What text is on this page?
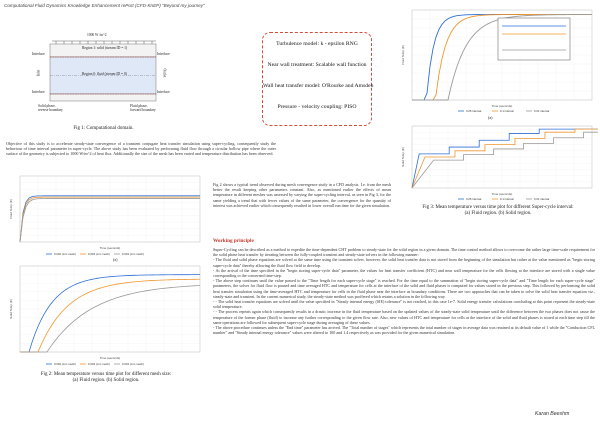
Computational Fluid Dynamics Knowledge Enhancement rePort (CFD-KnEP) "Beyond my journey"
1000 W /m^2
Region 1: solid (stream ID = 1)
Region 0: fluid (stream ID = 0)
Interface	Interface
Interface	Interface
Inlet	Outlet
Solid phase,
reverse boundary
Fluid phase,
forward boundary
Fig 1: Computational domain.
Turbulence model: k - epsilon RNG
Near wall treatment: Scalable wall function
Wall heat transfer model: O'Rourke and Amsden
Pressure - velocity coupling: PISO
Objective of this study is to accelerate steady-state convergence of a transient conjugate heat transfer simulation using super-cycling, consequently study the behaviour of time interval parameter in super-cycle. The above study has been evaluated by performing fluid flow through a circular hollow pipe where the outer surface of the geometry is subjected to 1000 W/m^2 of heat flux. Additionally the size of the mesh has been varied and temperature distribution has been observed.
Fluid Temp (K)
Time (seconds)
0.05 interval	0.1 interval	0.01 interval
(a)
Solid Temp (K)
Time (seconds)
0.05 interval	0.1 interval	0.01 interval
Fig 3: Mean temperature versus time plot for different Super-cycle interval:
(a) Fluid region. (b) Solid region.
Fluid Temp (K)
Time (seconds)
0.002 (mm mesh)	0.003 (mm mesh)	0.004 (mm mesh)
(a)
Solid Temp (K)
Time (seconds)
0.002 (mm mesh)	0.003 (mm mesh)	0.004 (mm mesh)
Fig 2: Mean temperature versus time plot for different mesh size:
(a) Fluid region. (b) Solid region.
Fig 2 shows a typical trend observed during mesh convergence study in a CFD analysis. I.e. from the mesh better the result keeping other parameters constant. Also, as mentioned earlier the effects of mean temperature in different meshes was assessed by varying the super-cycling interval, as seen in Fig 3, for the same yielding a trend that with fewer values of the same parameter, the convergence for the quantity of interest was achieved earlier which consequently resulted in lower overall run time for the given simulation.
Working principle
Super-Cycling can be described as a method to expedite the time-dependent CHT problem to steady-state for the solid region in a given domain. The time control method allows to overcome the rather large time-scale requirement for the solid phase heat transfer by iterating between the fully-coupled transient and steady-state solvers in the following manner:
- The fluid and solid phase equations are solved at the same time using the transient solver, however, the solid heat transfer data is not stored from the beginning of the simulation but rather at the value mentioned as "begin storing super-cycle data" thereby allowing the fluid flow field to develop.
- At the arrival of the time specified in the "begin storing super-cycle data" parameter, the values for heat transfer coefficient (HTC) and near wall temperature for the cells flowing at the interface are stored with a single value corresponding to the concerned time-step.
- The above step continues until the value passed to the "Time length for each super-cycle stage" is reached. For the time equal to the summation of "begin storing super-cycle data" and "Time length for each super-cycle stage" parameters, the solver for fluid flow is paused and time averaged HTC and temperature for cells at the interface of the solid and fluid phases is computed for values stored in the previous step. This followed by performing the solid heat transfer simulation using the time-averaged HTC and temperature for cells in the fluid phase near the interface as boundary conditions. There are two approaches that can be taken to solve the solid heat transfer equation viz., steady-state and transient. In the current numerical study, the steady-state method was proffered which retains a solution in the following way.
- - The solid heat transfer equations are solved until the value specified in "Steady internal energy (SIE) tolerance" is not reached, in this case 1e-7. Solid energy transfer calculations concluding at this point represent the steady-state solid temperature.
- - The process repeats again which consequently results in a drastic increase in the fluid temperature based on the updated values of the steady-state solid temperature until the difference between the two phases does not cause the temperature of the former phase (fluid) to increase any further corresponding to the given flow rate. Also, new values of HTC and temperature for cells at the interface of the solid and fluid phases is stored at each time step till the same operations are followed for subsequent super-cycle stage during averaging of these values.
- The above procedure continues unless the "End time" parameter has arrived. The "Total number of stages" which represents the total number of stages in average data was retained at its default value of 1 while the "Conduction CFL number" and "Steady internal energy tolerance" values were altered to 100 and 1.4 respectively as was provided for the given numerical simulation.
Karan Beeshm
